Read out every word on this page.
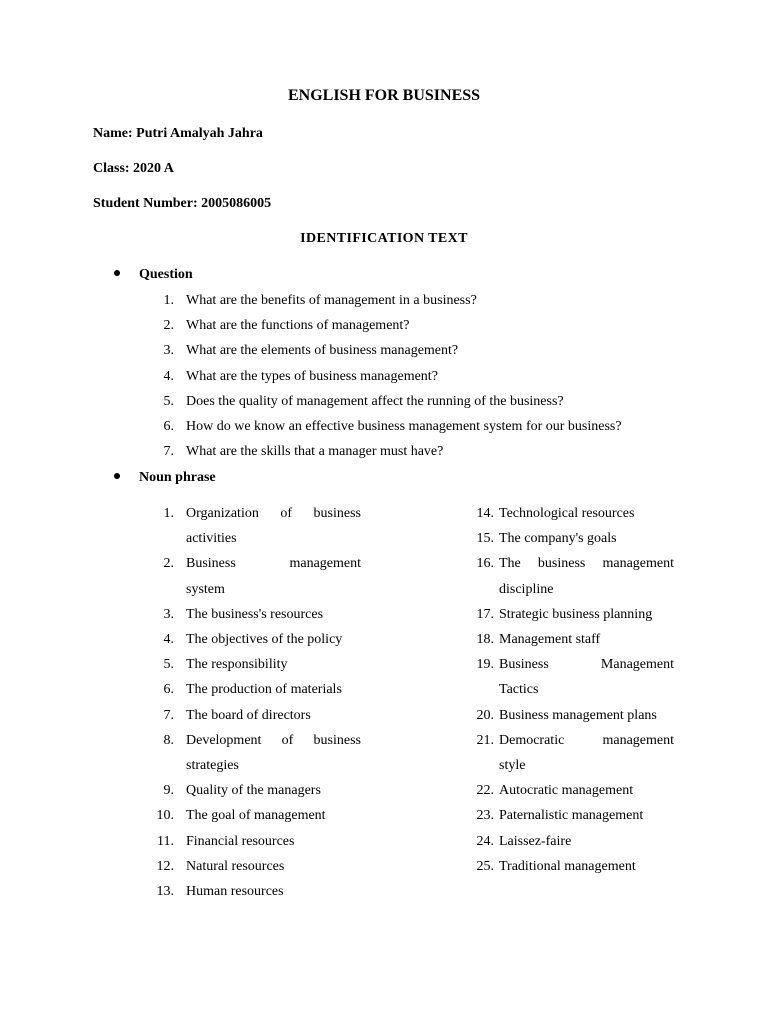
ENGLISH FOR BUSINESS
Name: Putri Amalyah Jahra
Class: 2020 A
Student Number: 2005086005
IDENTIFICATION TEXT
Question
1. What are the benefits of management in a business?
2. What are the functions of management?
3. What are the elements of business management?
4. What are the types of business management?
5. Does the quality of management affect the running of the business?
6. How do we know an effective business management system for our business?
7. What are the skills that a manager must have?
Noun phrase
1. Organization of business
activities
2. Business	management
system
3. The business's resources
4. The objectives of the policy
5. The responsibility
6. The production of materials
7. The board of directors
8. Development of business
strategies
9. Quality of the managers
10. The goal of management
11. Financial resources
12. Natural resources
13. Human resources
14. Technological resources
15. The company's goals
16. The business management
discipline
17. Strategic business planning
18. Management staff
19. Business	Management
Tactics
20. Business management plans
21. Democratic	management
style
22. Autocratic management
23. Paternalistic management
24. Laissez-faire
25. Traditional management
